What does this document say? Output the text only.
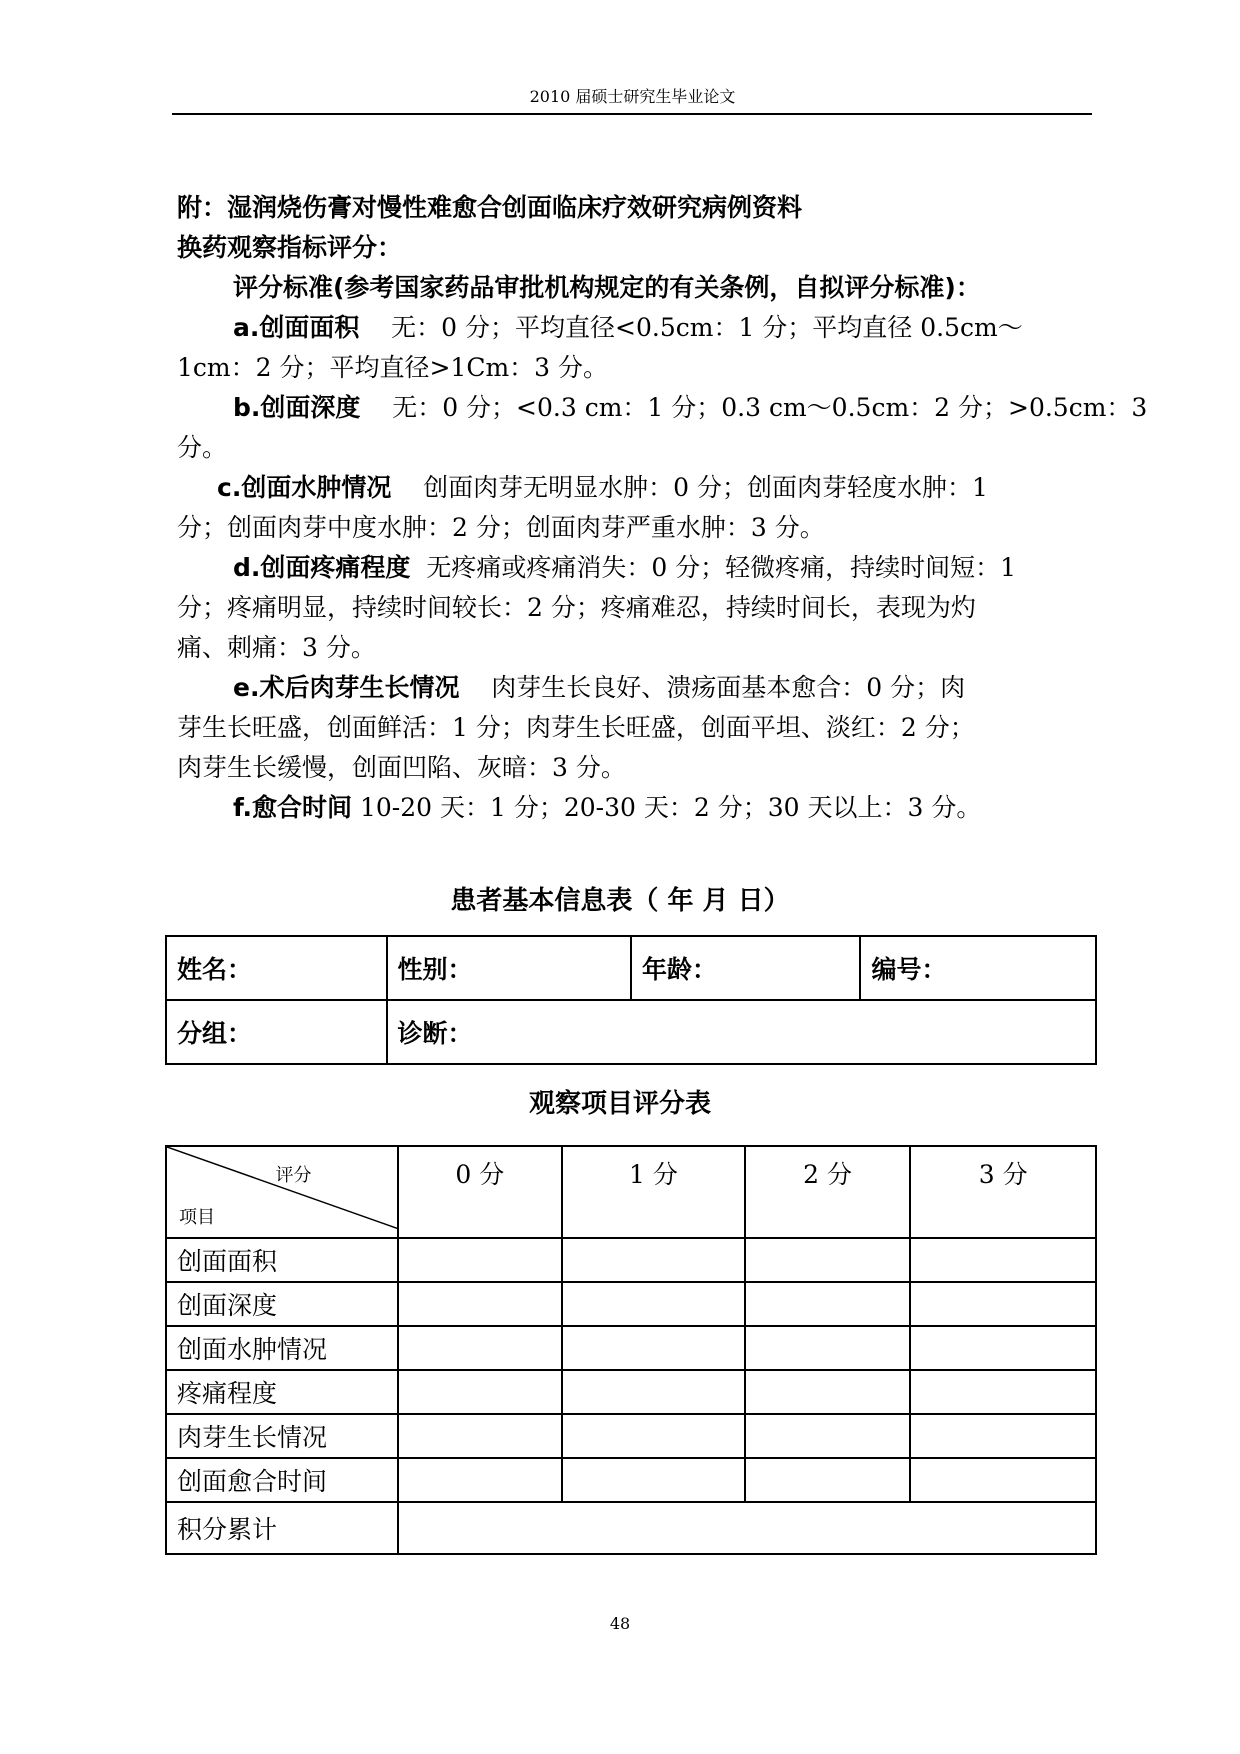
2010 届硕士研究生毕业论文
附：湿润烧伤膏对慢性难愈合创面临床疗效研究病例资料
换药观察指标评分：
评分标准(参考国家药品审批机构规定的有关条例，自拟评分标准)：
a.创面面积 无：0 分；平均直径<0.5cm：1 分；平均直径 0.5cm～
1cm：2 分；平均直径>1Cm：3 分。
b.创面深度 无：0 分；<0.3 cm：1 分；0.3 cm～0.5cm：2 分；>0.5cm：3
分。
c.创面水肿情况 创面肉芽无明显水肿：0 分；创面肉芽轻度水肿：1
分；创面肉芽中度水肿：2 分；创面肉芽严重水肿：3 分。
d.创面疼痛程度 无疼痛或疼痛消失：0 分；轻微疼痛，持续时间短：1
分；疼痛明显，持续时间较长：2 分；疼痛难忍，持续时间长，表现为灼
痛、刺痛：3 分。
e.术后肉芽生长情况 肉芽生长良好、溃疡面基本愈合：0 分；肉
芽生长旺盛，创面鲜活：1 分；肉芽生长旺盛，创面平坦、淡红：2 分；
肉芽生长缓慢，创面凹陷、灰暗：3 分。
f.愈合时间 10-20 天：1 分；20-30 天：2 分；30 天以上：3 分。
患者基本信息表（ 年 月 日）
姓名：	性别：	年龄：	编号：
分组：	诊断：		
观察项目评分表
评分
项目	0 分	1 分	2 分	3 分
创面面积				
创面深度				
创面水肿情况				
疼痛程度				
肉芽生长情况				
创面愈合时间				
积分累计				
48
